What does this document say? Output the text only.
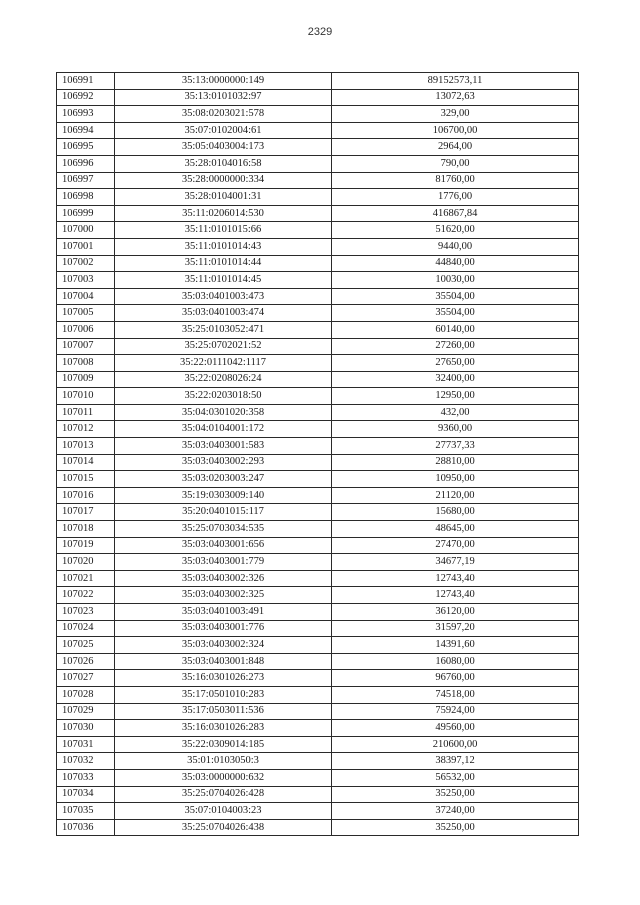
2329
106991	35:13:0000000:149	89152573,11
106992	35:13:0101032:97	13072,63
106993	35:08:0203021:578	329,00
106994	35:07:0102004:61	106700,00
106995	35:05:0403004:173	2964,00
106996	35:28:0104016:58	790,00
106997	35:28:0000000:334	81760,00
106998	35:28:0104001:31	1776,00
106999	35:11:0206014:530	416867,84
107000	35:11:0101015:66	51620,00
107001	35:11:0101014:43	9440,00
107002	35:11:0101014:44	44840,00
107003	35:11:0101014:45	10030,00
107004	35:03:0401003:473	35504,00
107005	35:03:0401003:474	35504,00
107006	35:25:0103052:471	60140,00
107007	35:25:0702021:52	27260,00
107008	35:22:0111042:1117	27650,00
107009	35:22:0208026:24	32400,00
107010	35:22:0203018:50	12950,00
107011	35:04:0301020:358	432,00
107012	35:04:0104001:172	9360,00
107013	35:03:0403001:583	27737,33
107014	35:03:0403002:293	28810,00
107015	35:03:0203003:247	10950,00
107016	35:19:0303009:140	21120,00
107017	35:20:0401015:117	15680,00
107018	35:25:0703034:535	48645,00
107019	35:03:0403001:656	27470,00
107020	35:03:0403001:779	34677,19
107021	35:03:0403002:326	12743,40
107022	35:03:0403002:325	12743,40
107023	35:03:0401003:491	36120,00
107024	35:03:0403001:776	31597,20
107025	35:03:0403002:324	14391,60
107026	35:03:0403001:848	16080,00
107027	35:16:0301026:273	96760,00
107028	35:17:0501010:283	74518,00
107029	35:17:0503011:536	75924,00
107030	35:16:0301026:283	49560,00
107031	35:22:0309014:185	210600,00
107032	35:01:0103050:3	38397,12
107033	35:03:0000000:632	56532,00
107034	35:25:0704026:428	35250,00
107035	35:07:0104003:23	37240,00
107036	35:25:0704026:438	35250,00
